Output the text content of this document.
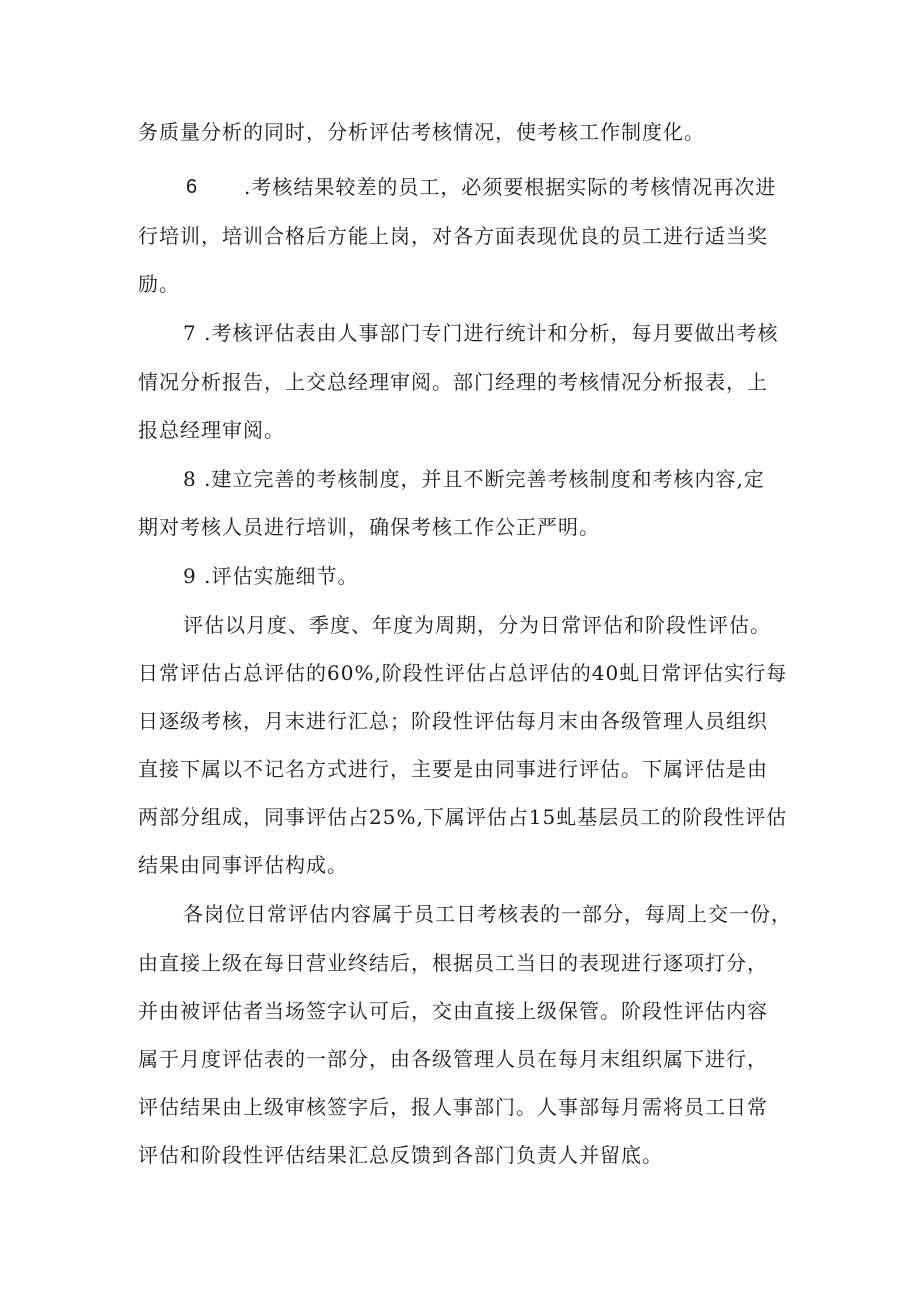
务质量分析的同时，分析评估考核情况，使考核工作制度化。
6 .考核结果较差的员工，必须要根据实际的考核情况再次进
行培训，培训合格后方能上岗，对各方面表现优良的员工进行适当奖
励。
7 .考核评估表由人事部门专门进行统计和分析，每月要做出考核
情况分析报告，上交总经理审阅。部门经理的考核情况分析报表，上
报总经理审阅。
8 .建立完善的考核制度，并且不断完善考核制度和考核内容,定
期对考核人员进行培训，确保考核工作公正严明。
9 .评估实施细节。
评估以月度、季度、年度为周期，分为日常评估和阶段性评估。
日常评估占总评估的60%,阶段性评估占总评估的40虬日常评估实行每
日逐级考核，月末进行汇总；阶段性评估每月末由各级管理人员组织
直接下属以不记名方式进行，主要是由同事进行评估。下属评估是由
两部分组成，同事评估占25%,下属评估占15虬基层员工的阶段性评估
结果由同事评估构成。
各岗位日常评估内容属于员工日考核表的一部分，每周上交一份，
由直接上级在每日营业终结后，根据员工当日的表现进行逐项打分，
并由被评估者当场签字认可后，交由直接上级保管。阶段性评估内容
属于月度评估表的一部分，由各级管理人员在每月末组织属下进行，
评估结果由上级审核签字后，报人事部门。人事部每月需将员工日常
评估和阶段性评估结果汇总反馈到各部门负责人并留底。
